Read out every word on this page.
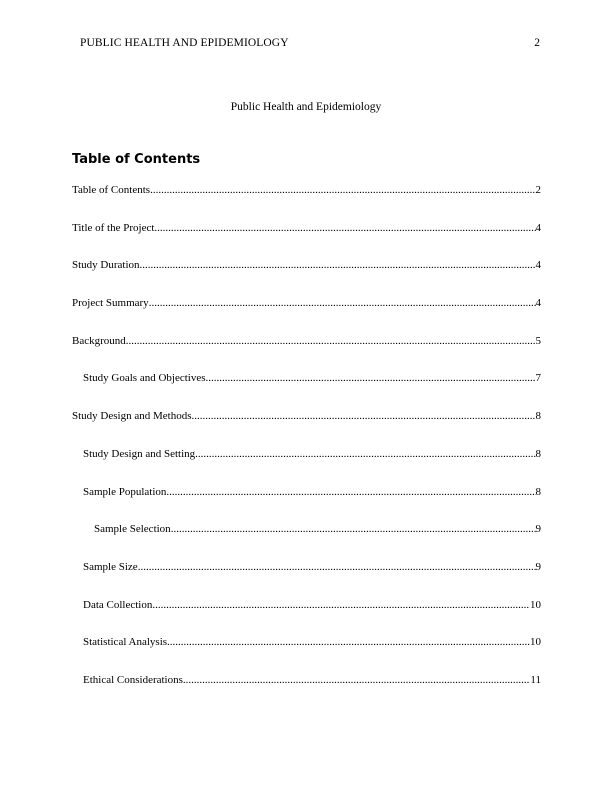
PUBLIC HEALTH AND EPIDEMIOLOGY	2
Public Health and Epidemiology
Table of Contents
Table of Contents .....	2
Title of the Project .....	4
Study Duration .....	4
Project Summary .....	4
Background .....	5
Study Goals and Objectives .....	7
Study Design and Methods .....	8
Study Design and Setting .....	8
Sample Population .....	8
Sample Selection .....	9
Sample Size .....	9
Data Collection .....	10
Statistical Analysis .....	10
Ethical Considerations .....	11
